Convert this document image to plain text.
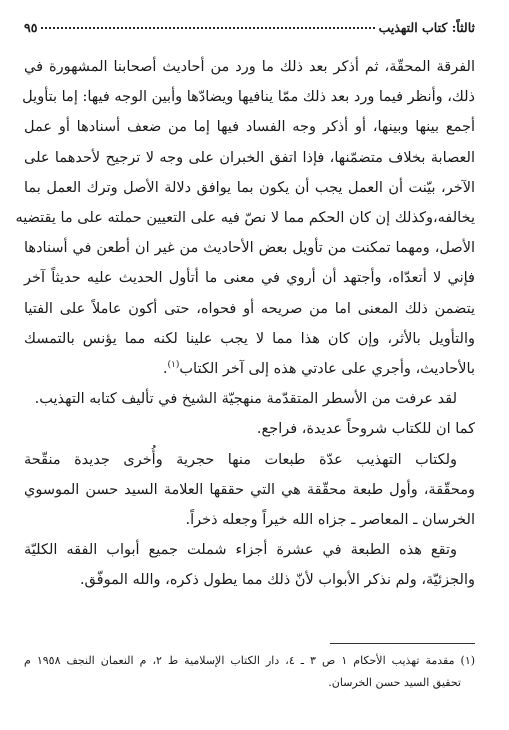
ثالثاً: كتاب التهذيب
٩٥

الفرقة المحقّة، ثم أذكر بعد ذلك ما ورد من أحاديث أصحابنا المشهورة في
ذلك، وأنظر فيما ورد بعد ذلك ممّا ينافيها ويضادّها وأبين الوجه فيها: إما بتأويل
أجمع بينها وبينها، أو أذكر وجه الفساد فيها إما من ضعف أسنادها أو عمل
العصابة بخلاف متضمّنها، فإذا اتفق الخبران على وجه لا ترجيح لأحدهما على
الآخر، بيّنت أن العمل يجب أن يكون بما يوافق دلالة الأصل وترك العمل بما
يخالفه،وكذلك إن كان الحكم مما لا نصّ فيه على التعيين حملته على ما يقتضيه
الأصل، ومهما تمكنت من تأويل بعض الأحاديث من غير ان أطعن في أسنادها
فإني لا أتعدّاه، وأجتهد أن أروي في معنى ما أتأول الحديث عليه حديثاً آخر
يتضمن ذلك المعنى اما من صريحه أو فحواه، حتى أكون عاملاً على الفتيا
والتأويل بالأثر، وإن كان هذا مما لا يجب علينا لكنه مما يؤنس بالتمسك
بالأحاديث، وأجري على عادتي هذه إلى آخر الكتاب$^{(١)}$.

لقد عرفت من الأسطر المتقدّمة منهجيّة الشيخ في تأليف كتابه التهذيب.

كما ان للكتاب شروحاً عديدة، فراجع.

ولكتاب التهذيب عدّة طبعات منها حجرية وأُخرى جديدة منقّحة
ومحقّقة، وأول طبعة محقّقة هي التي حققها العلامة السيد حسن الموسوي
الخرسان ـ المعاصر ـ جزاه الله خيراً وجعله ذخراً.

وتقع هذه الطبعة في عشرة أجزاء شملت جميع أبواب الفقه الكليّة
والجزئيّة، ولم نذكر الأبواب لأنّ ذلك مما يطول ذكره، والله الموفّق.

(١) مقدمة تهذيب الأحكام ١ ص ٣ ـ ٤، دار الكتاب الإسلامية ط ٢، م النعمان النجف ١٩٥٨ م
تحقيق السيد حسن الخرسان.
